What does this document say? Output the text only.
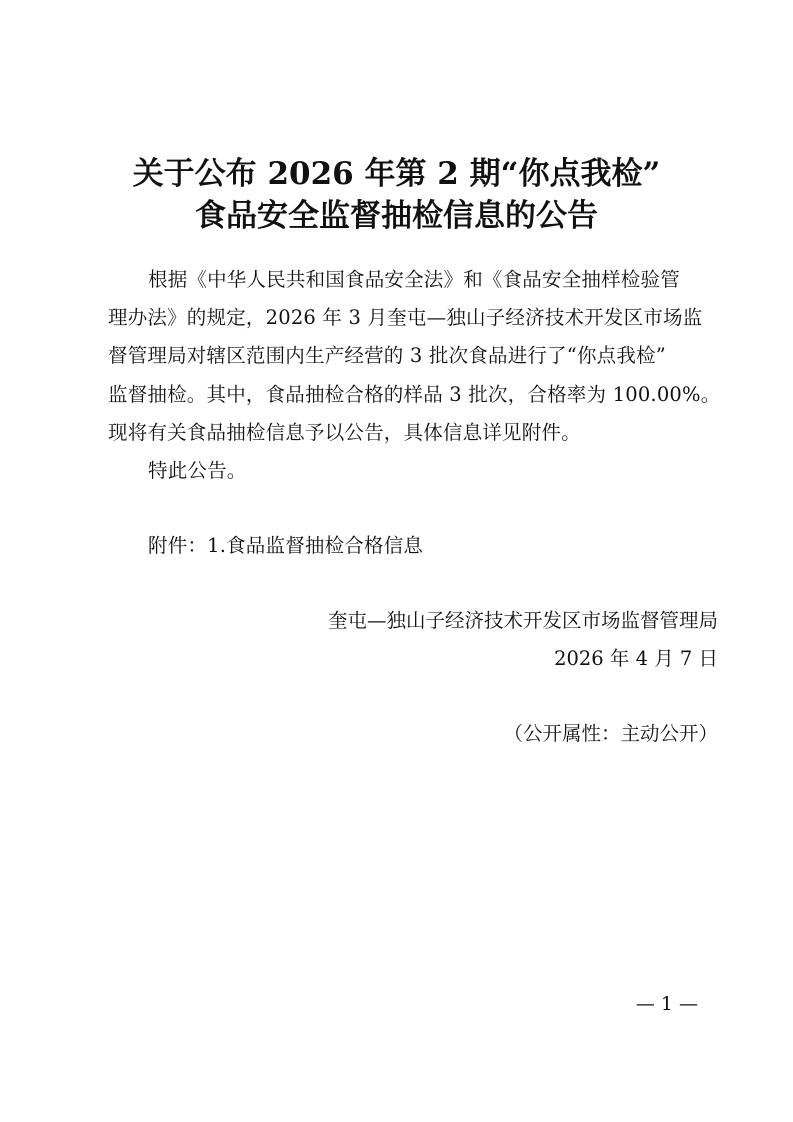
关于公布 2026 年第 2 期“你点我检”
食品安全监督抽检信息的公告
根据《中华人民共和国食品安全法》和《食品安全抽样检验管
理办法》的规定，2026 年 3 月奎屯—独山子经济技术开发区市场监
督管理局对辖区范围内生产经营的 3 批次食品进行了“你点我检”
监督抽检。其中，食品抽检合格的样品 3 批次，合格率为 100.00%。
现将有关食品抽检信息予以公告，具体信息详见附件。
特此公告。
附件：1.食品监督抽检合格信息
奎屯—独山子经济技术开发区市场监督管理局
2026 年 4 月 7 日
（公开属性：主动公开）
— 1 —
